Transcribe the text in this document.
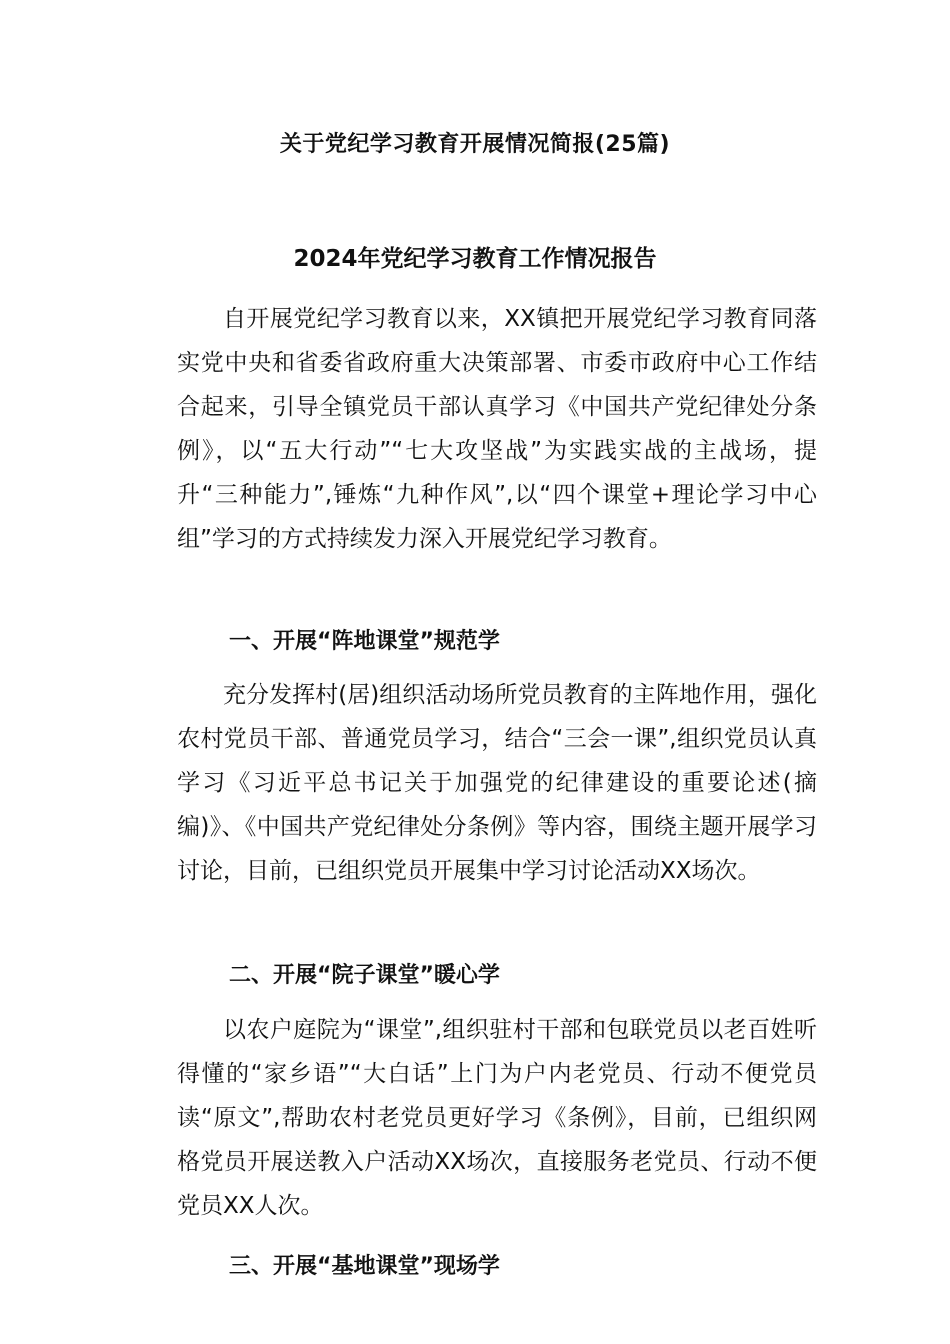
关于党纪学习教育开展情况简报(25篇)
2024年党纪学习教育工作情况报告

自开展党纪学习教育以来，XX镇把开展党纪学习教育同落实党中央和省委省政府重大决策部署、市委市政府中心工作结合起来，引导全镇党员干部认真学习《中国共产党纪律处分条例》，以“五大行动”“七大攻坚战”为实践实战的主战场，提升“三种能力”,锤炼“九种作风”,以“四个课堂+理论学习中心组”学习的方式持续发力深入开展党纪学习教育。

一、开展“阵地课堂”规范学

充分发挥村(居)组织活动场所党员教育的主阵地作用，强化农村党员干部、普通党员学习，结合“三会一课”,组织党员认真学习《习近平总书记关于加强党的纪律建设的重要论述(摘编)》、《中国共产党纪律处分条例》等内容，围绕主题开展学习讨论，目前，已组织党员开展集中学习讨论活动XX场次。

二、开展“院子课堂”暖心学

以农户庭院为“课堂”,组织驻村干部和包联党员以老百姓听得懂的“家乡语”“大白话”上门为户内老党员、行动不便党员读“原文”,帮助农村老党员更好学习《条例》，目前，已组织网格党员开展送教入户活动XX场次，直接服务老党员、行动不便党员XX人次。

三、开展“基地课堂”现场学
